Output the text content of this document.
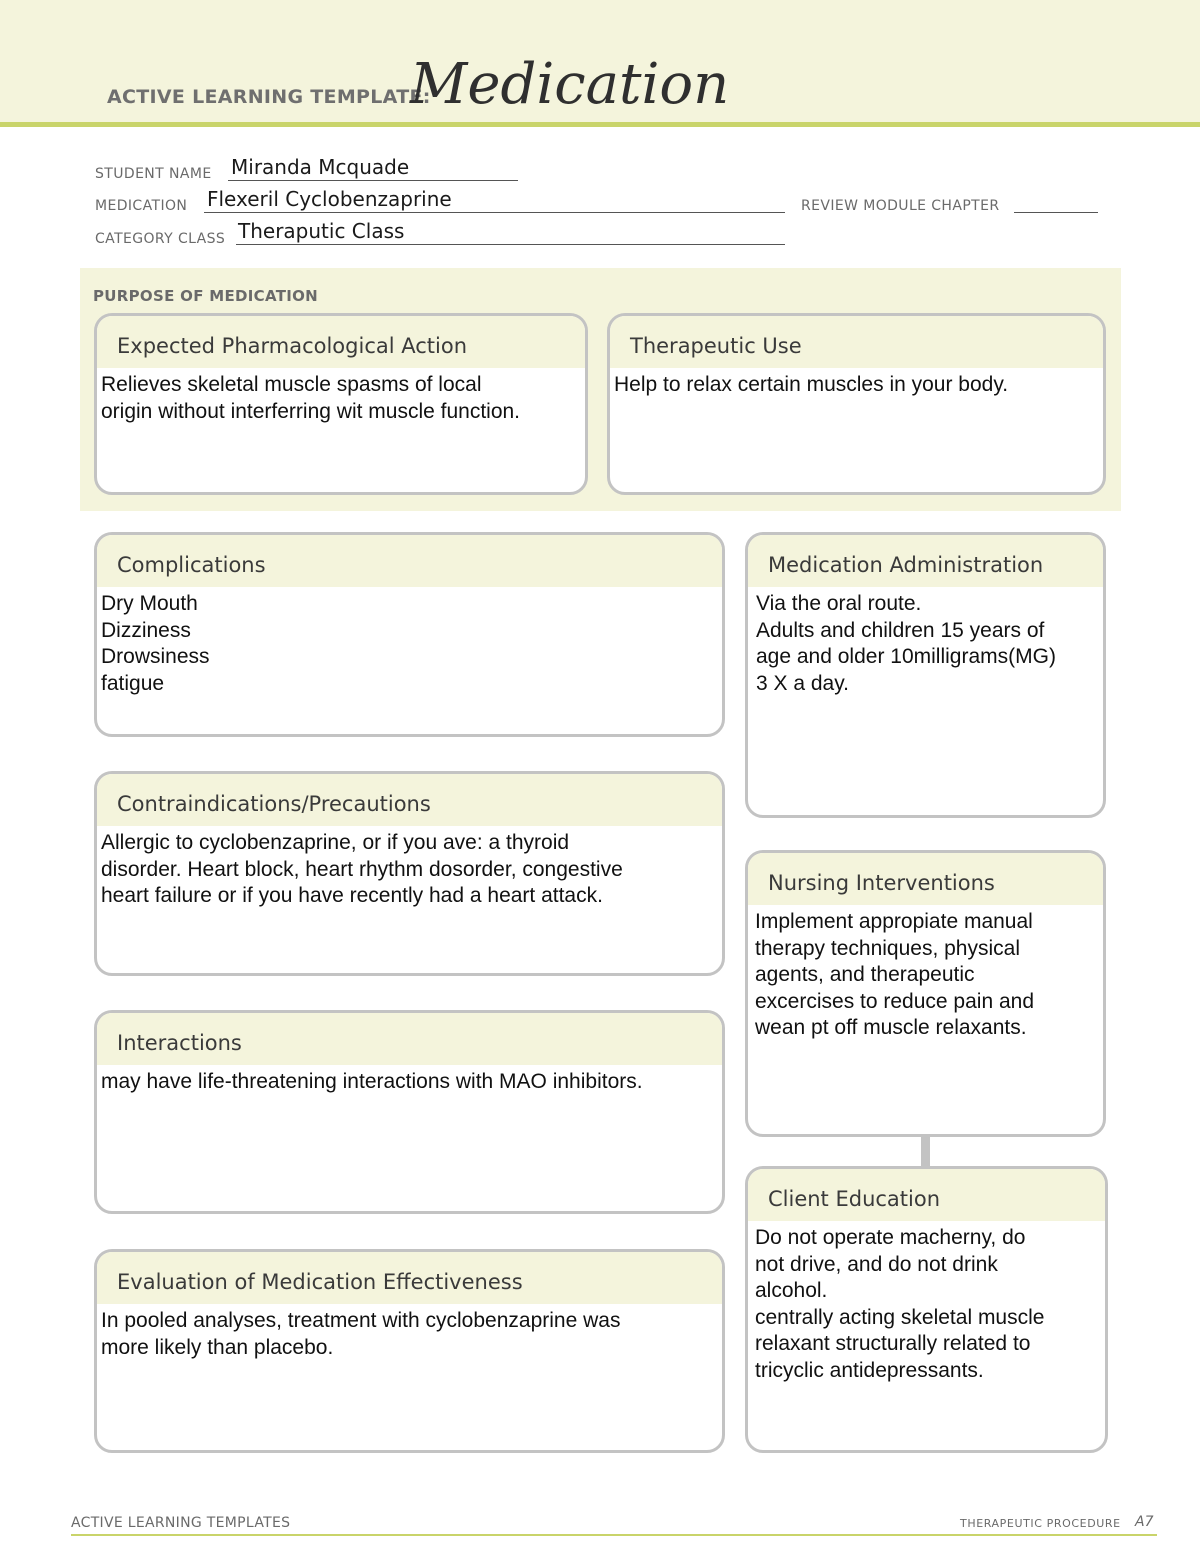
ACTIVE LEARNING TEMPLATE:
Medication
STUDENT NAME Miranda Mcquade
MEDICATION Flexeril Cyclobenzaprine	REVIEW MODULE CHAPTER
CATEGORY CLASS Theraputic Class
PURPOSE OF MEDICATION
Expected Pharmacological Action
Relieves skeletal muscle spasms of local
origin without interferring wit muscle function.
Therapeutic Use
Help to relax certain muscles in your body.
Complications
Dry Mouth
Dizziness
Drowsiness
fatigue
Contraindications/Precautions
Allergic to cyclobenzaprine, or if you ave: a thyroid
disorder. Heart block, heart rhythm dosorder, congestive
heart failure or if you have recently had a heart attack.
Interactions
may have life-threatening interactions with MAO inhibitors.
Evaluation of Medication Effectiveness
In pooled analyses, treatment with cyclobenzaprine was
more likely than placebo.
Medication Administration
Via the oral route.
Adults and children 15 years of
age and older 10milligrams(MG)
3 X a day.
Nursing Interventions
Implement appropiate manual
therapy techniques, physical
agents, and therapeutic
excercises to reduce pain and
wean pt off muscle relaxants.
Client Education
Do not operate macherny, do
not drive, and do not drink
alcohol.
centrally acting skeletal muscle
relaxant structurally related to
tricyclic antidepressants.
ACTIVE LEARNING TEMPLATES	THERAPEUTIC PROCEDURE A7
